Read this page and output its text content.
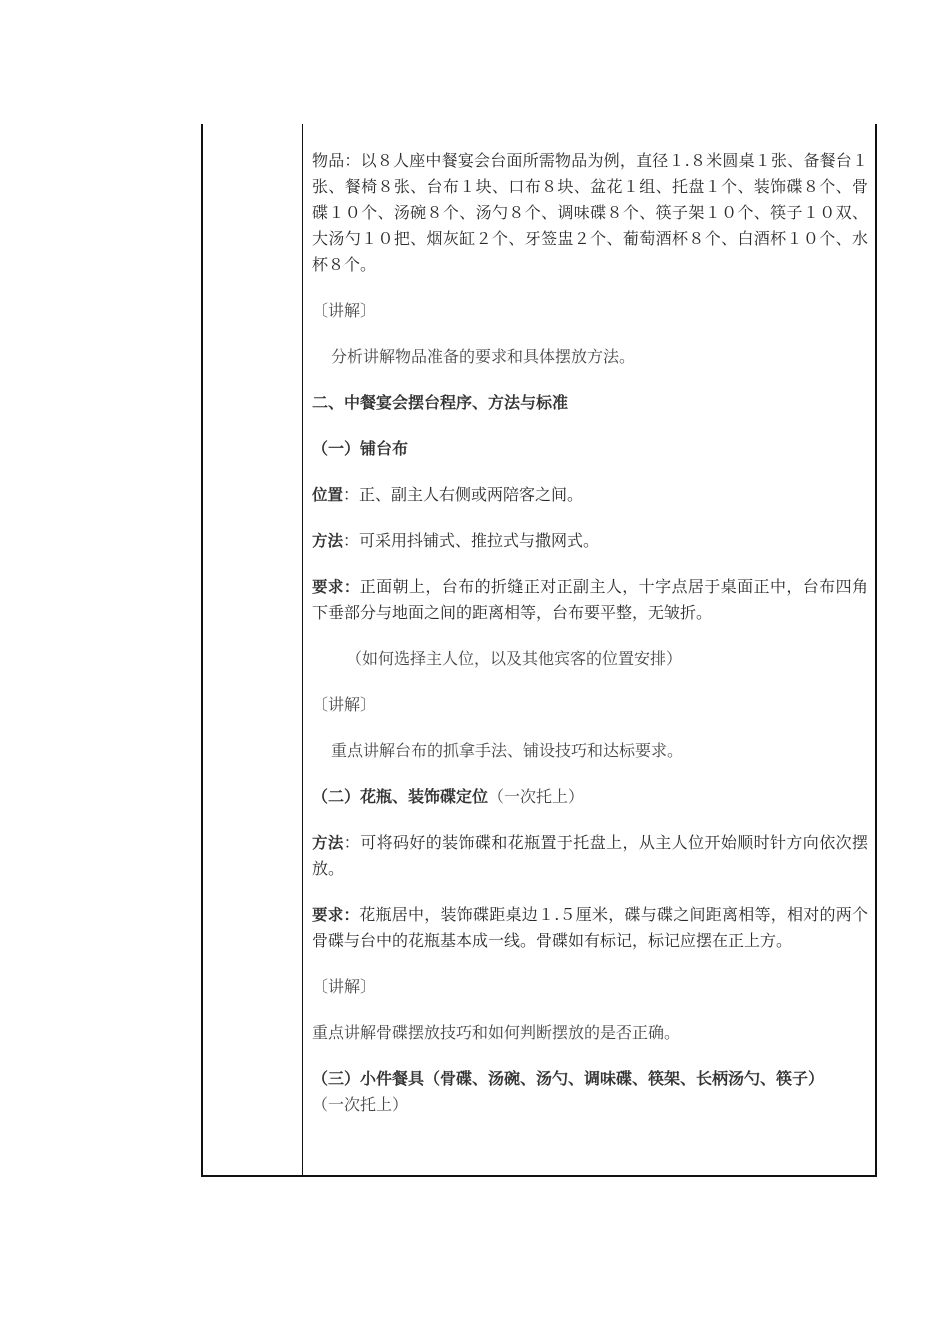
物品：以８人座中餐宴会台面所需物品为例，直径１.８米圆桌１张、备餐台１张、餐椅８张、台布１块、口布８块、盆花１组、托盘１个、装饰碟８个、骨碟１０个、汤碗８个、汤勺８个、调味碟８个、筷子架１０个、筷子１０双、大汤勺１０把、烟灰缸２个、牙签盅２个、葡萄酒杯８个、白酒杯１０个、水杯８个。

〔讲解〕

分析讲解物品准备的要求和具体摆放方法。

二、中餐宴会摆台程序、方法与标准

（一）铺台布

位置：正、副主人右侧或两陪客之间。

方法：可采用抖铺式、推拉式与撒网式。

要求：正面朝上，台布的折缝正对正副主人，十字点居于桌面正中，台布四角下垂部分与地面之间的距离相等，台布要平整，无皱折。

（如何选择主人位，以及其他宾客的位置安排）

〔讲解〕

重点讲解台布的抓拿手法、铺设技巧和达标要求。

（二）花瓶、装饰碟定位（一次托上）

方法：可将码好的装饰碟和花瓶置于托盘上，从主人位开始顺时针方向依次摆放。

要求：花瓶居中，装饰碟距桌边１.５厘米，碟与碟之间距离相等，相对的两个骨碟与台中的花瓶基本成一线。骨碟如有标记，标记应摆在正上方。

〔讲解〕

重点讲解骨碟摆放技巧和如何判断摆放的是否正确。

（三）小件餐具（骨碟、汤碗、汤勺、调味碟、筷架、长柄汤勺、筷子）
（一次托上）
